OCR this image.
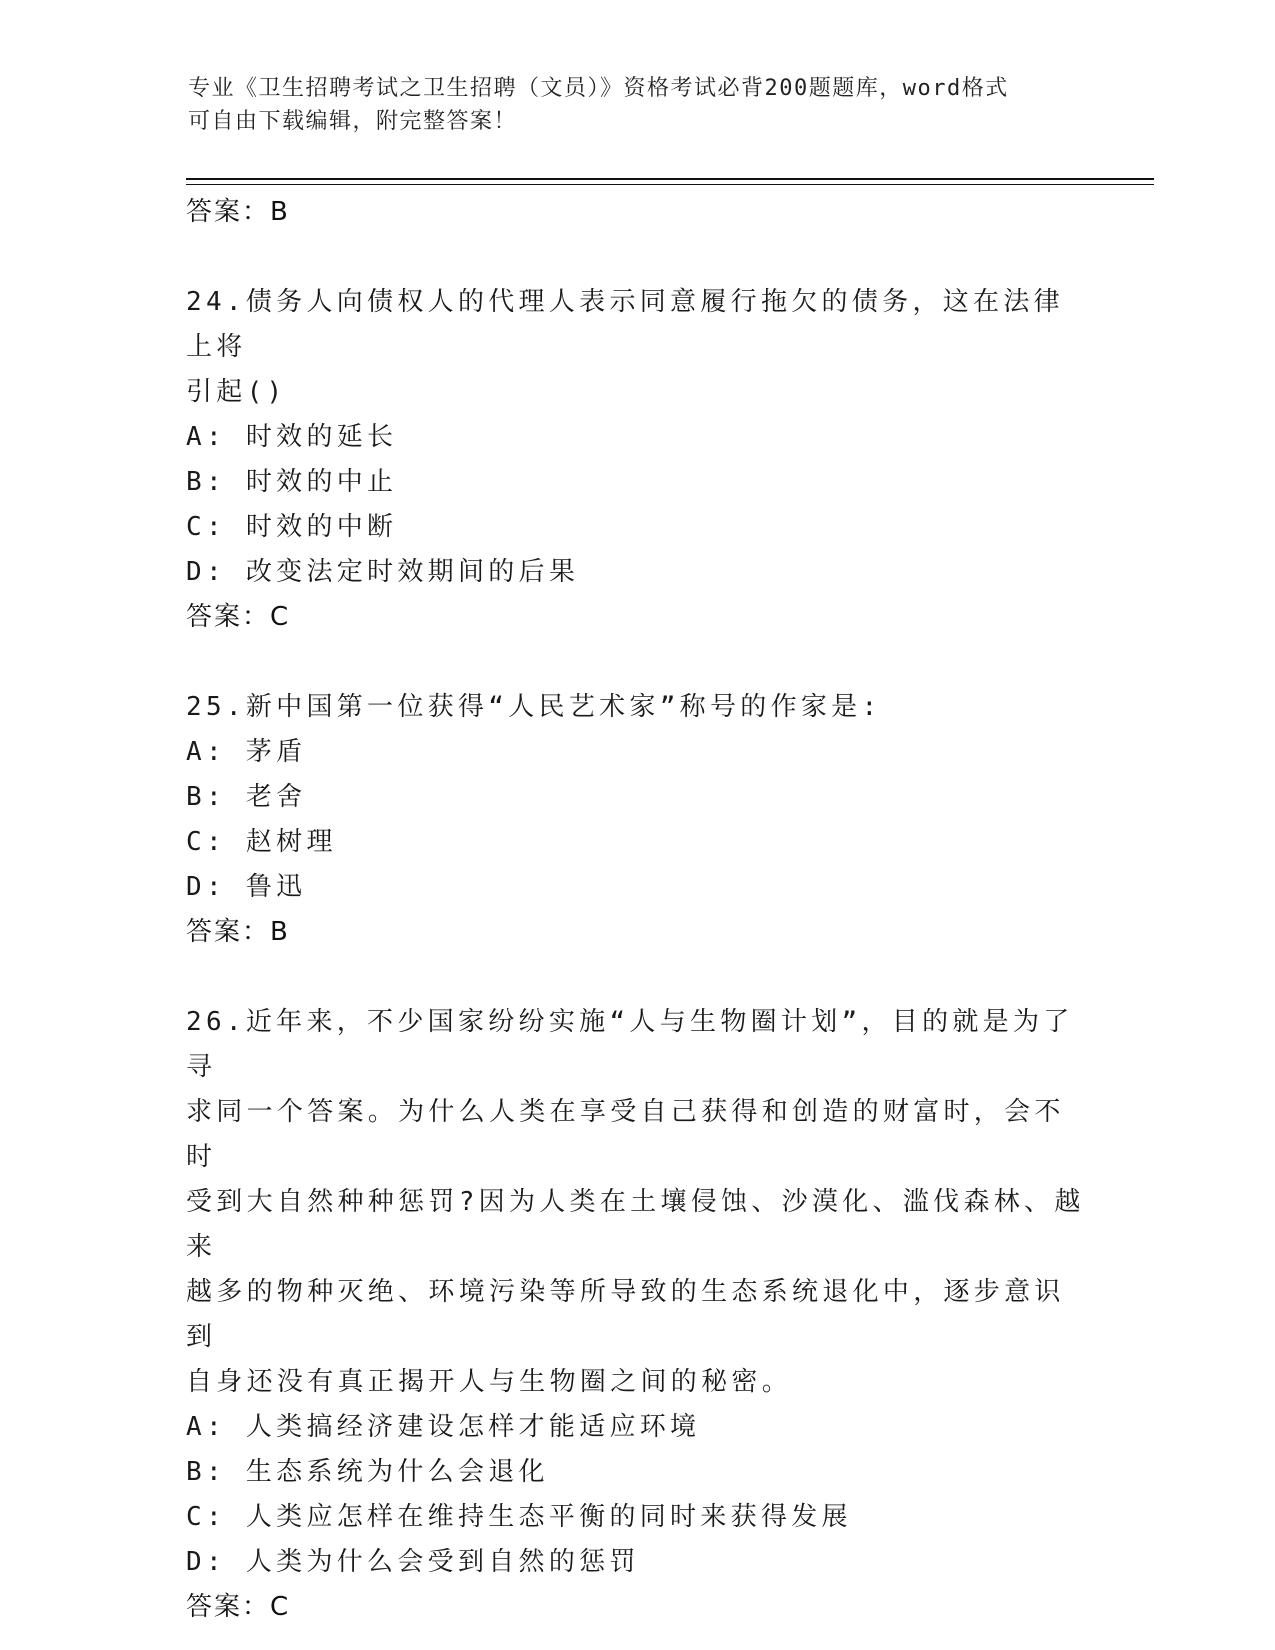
专业《卫生招聘考试之卫生招聘（文员）》资格考试必背200题题库，word格式
可自由下载编辑，附完整答案！
答案：B
24.债务人向债权人的代理人表示同意履行拖欠的债务，这在法律上将
引起()
A: 时效的延长
B: 时效的中止
C: 时效的中断
D: 改变法定时效期间的后果
答案：C
25.新中国第一位获得“人民艺术家”称号的作家是:
A: 茅盾
B: 老舍
C: 赵树理
D: 鲁迅
答案：B
26.近年来，不少国家纷纷实施“人与生物圈计划”，目的就是为了寻
求同一个答案。为什么人类在享受自己获得和创造的财富时，会不时
受到大自然种种惩罚?因为人类在土壤侵蚀、沙漠化、滥伐森林、越来
越多的物种灭绝、环境污染等所导致的生态系统退化中，逐步意识到
自身还没有真正揭开人与生物圈之间的秘密。
A: 人类搞经济建设怎样才能适应环境
B: 生态系统为什么会退化
C: 人类应怎样在维持生态平衡的同时来获得发展
D: 人类为什么会受到自然的惩罚
答案：C
